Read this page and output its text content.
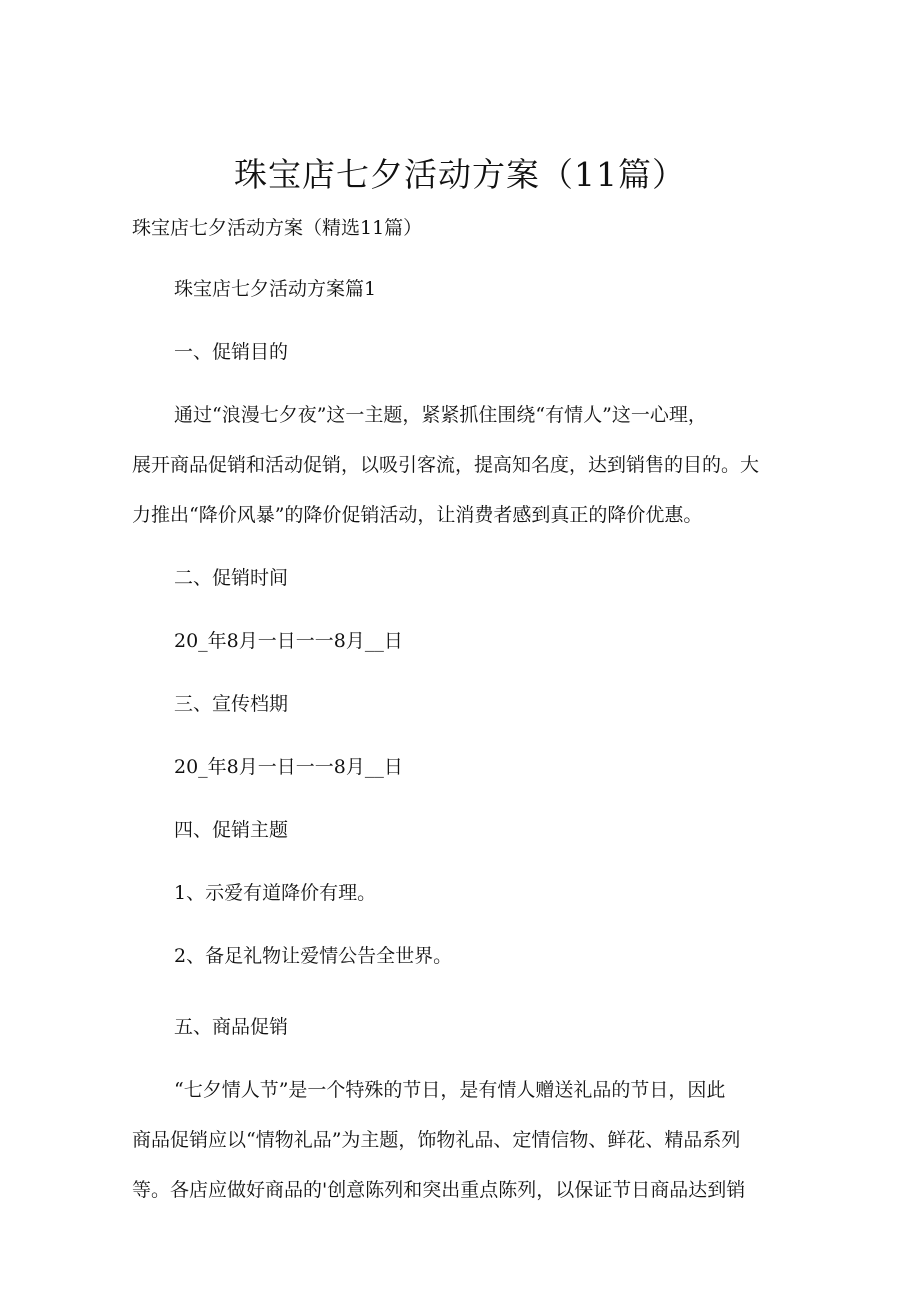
珠宝店七夕活动方案（11篇）
珠宝店七夕活动方案（精选11篇）
珠宝店七夕活动方案篇1
一、促销目的
通过“浪漫七夕夜”这一主题，紧紧抓住围绕“有情人”这一心理，
展开商品促销和活动促销，以吸引客流，提高知名度，达到销售的目的。大
力推出“降价风暴”的降价促销活动，让消费者感到真正的降价优惠。
二、促销时间
20_年8月一日一一8月__日
三、宣传档期
20_年8月一日一一8月__日
四、促销主题
1、示爱有道降价有理。
2、备足礼物让爱情公告全世界。
五、商品促销
“七夕情人节”是一个特殊的节日，是有情人赠送礼品的节日，因此
商品促销应以“情物礼品”为主题，饰物礼品、定情信物、鲜花、精品系列
等。各店应做好商品的'创意陈列和突出重点陈列，以保证节日商品达到销
